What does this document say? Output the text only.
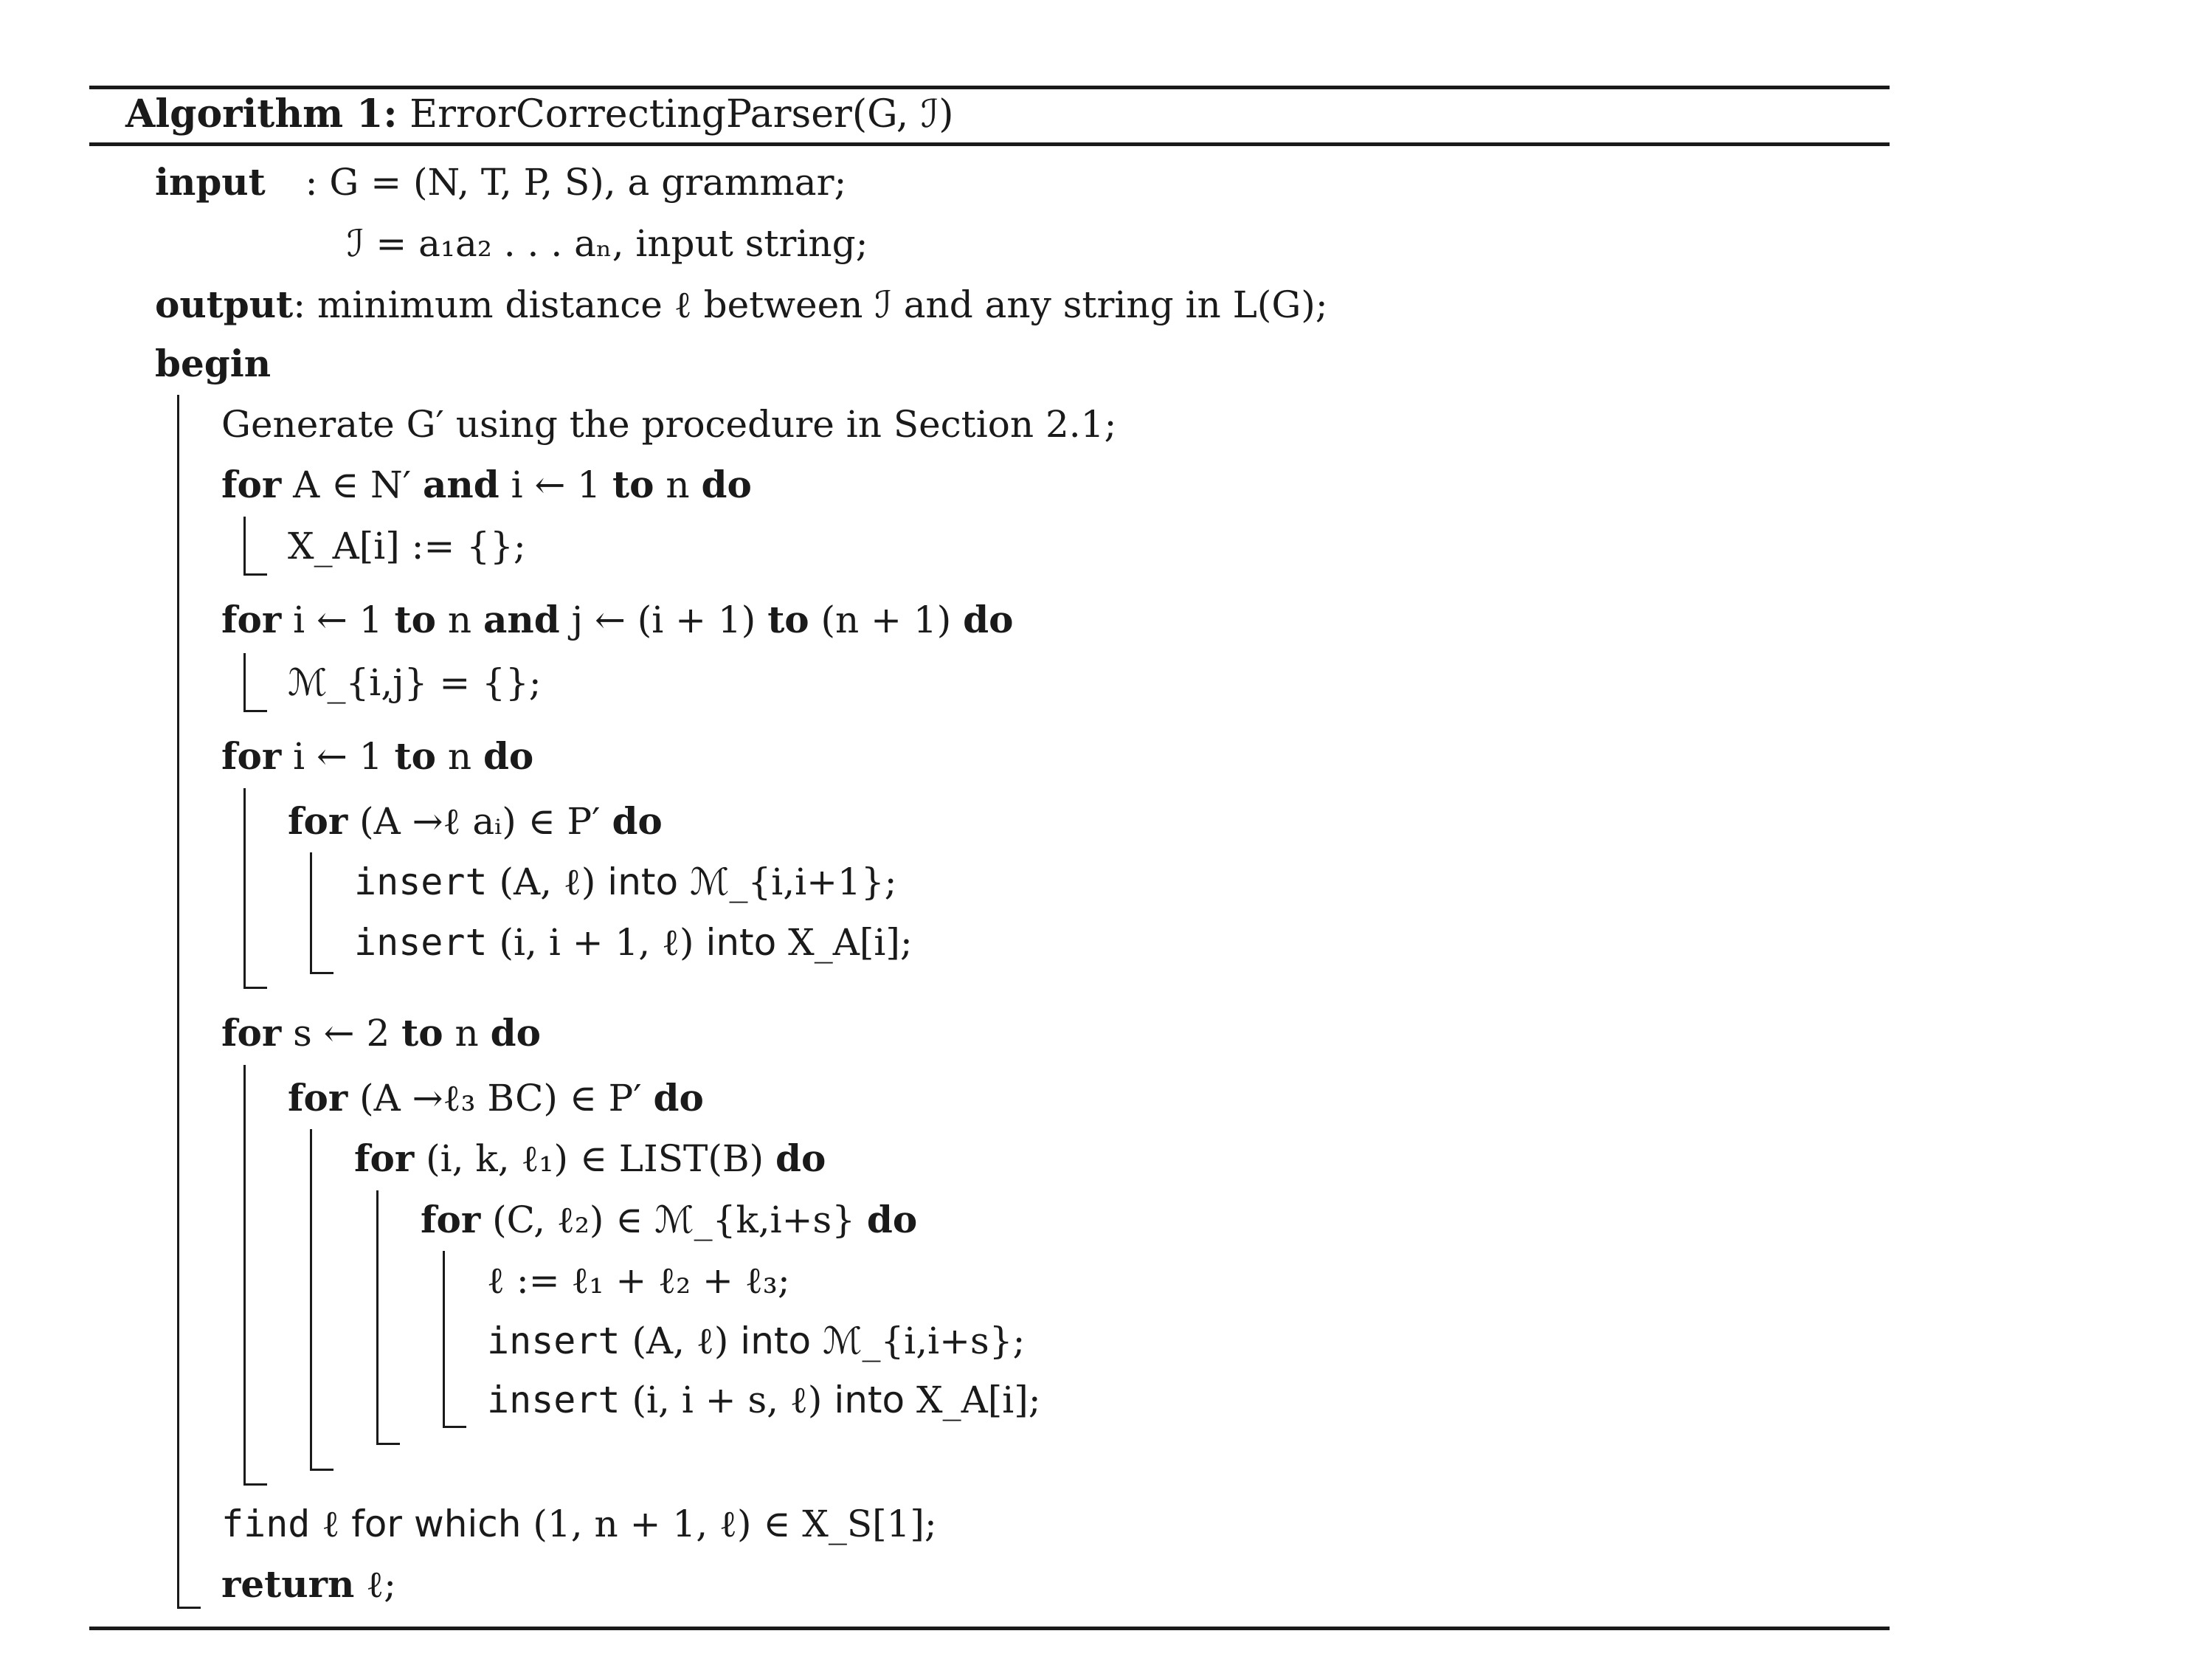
Algorithm 1: ErrorCorrectingParser(G, ℐ)
input : G = (N, T, P, S), a grammar;
ℐ = a₁a₂ . . . aₙ, input string;
output: minimum distance ℓ between ℐ and any string in L(G);
begin
Generate G′ using the procedure in Section 2.1;
for A ∈ N′ and i ← 1 to n do
X_A[i] := {};
for i ← 1 to n and j ← (i + 1) to (n + 1) do
ℳ_{i,j} = {};
for i ← 1 to n do
for (A →ℓ aᵢ) ∈ P′ do
insert (A, ℓ) into ℳ_{i,i+1};
insert (i, i + 1, ℓ) into X_A[i];
for s ← 2 to n do
for (A →ℓ₃ BC) ∈ P′ do
for (i, k, ℓ₁) ∈ LIST(B) do
for (C, ℓ₂) ∈ ℳ_{k,i+s} do
ℓ := ℓ₁ + ℓ₂ + ℓ₃;
insert (A, ℓ) into ℳ_{i,i+s};
insert (i, i + s, ℓ) into X_A[i];
find ℓ for which (1, n + 1, ℓ) ∈ X_S[1];
return ℓ;
